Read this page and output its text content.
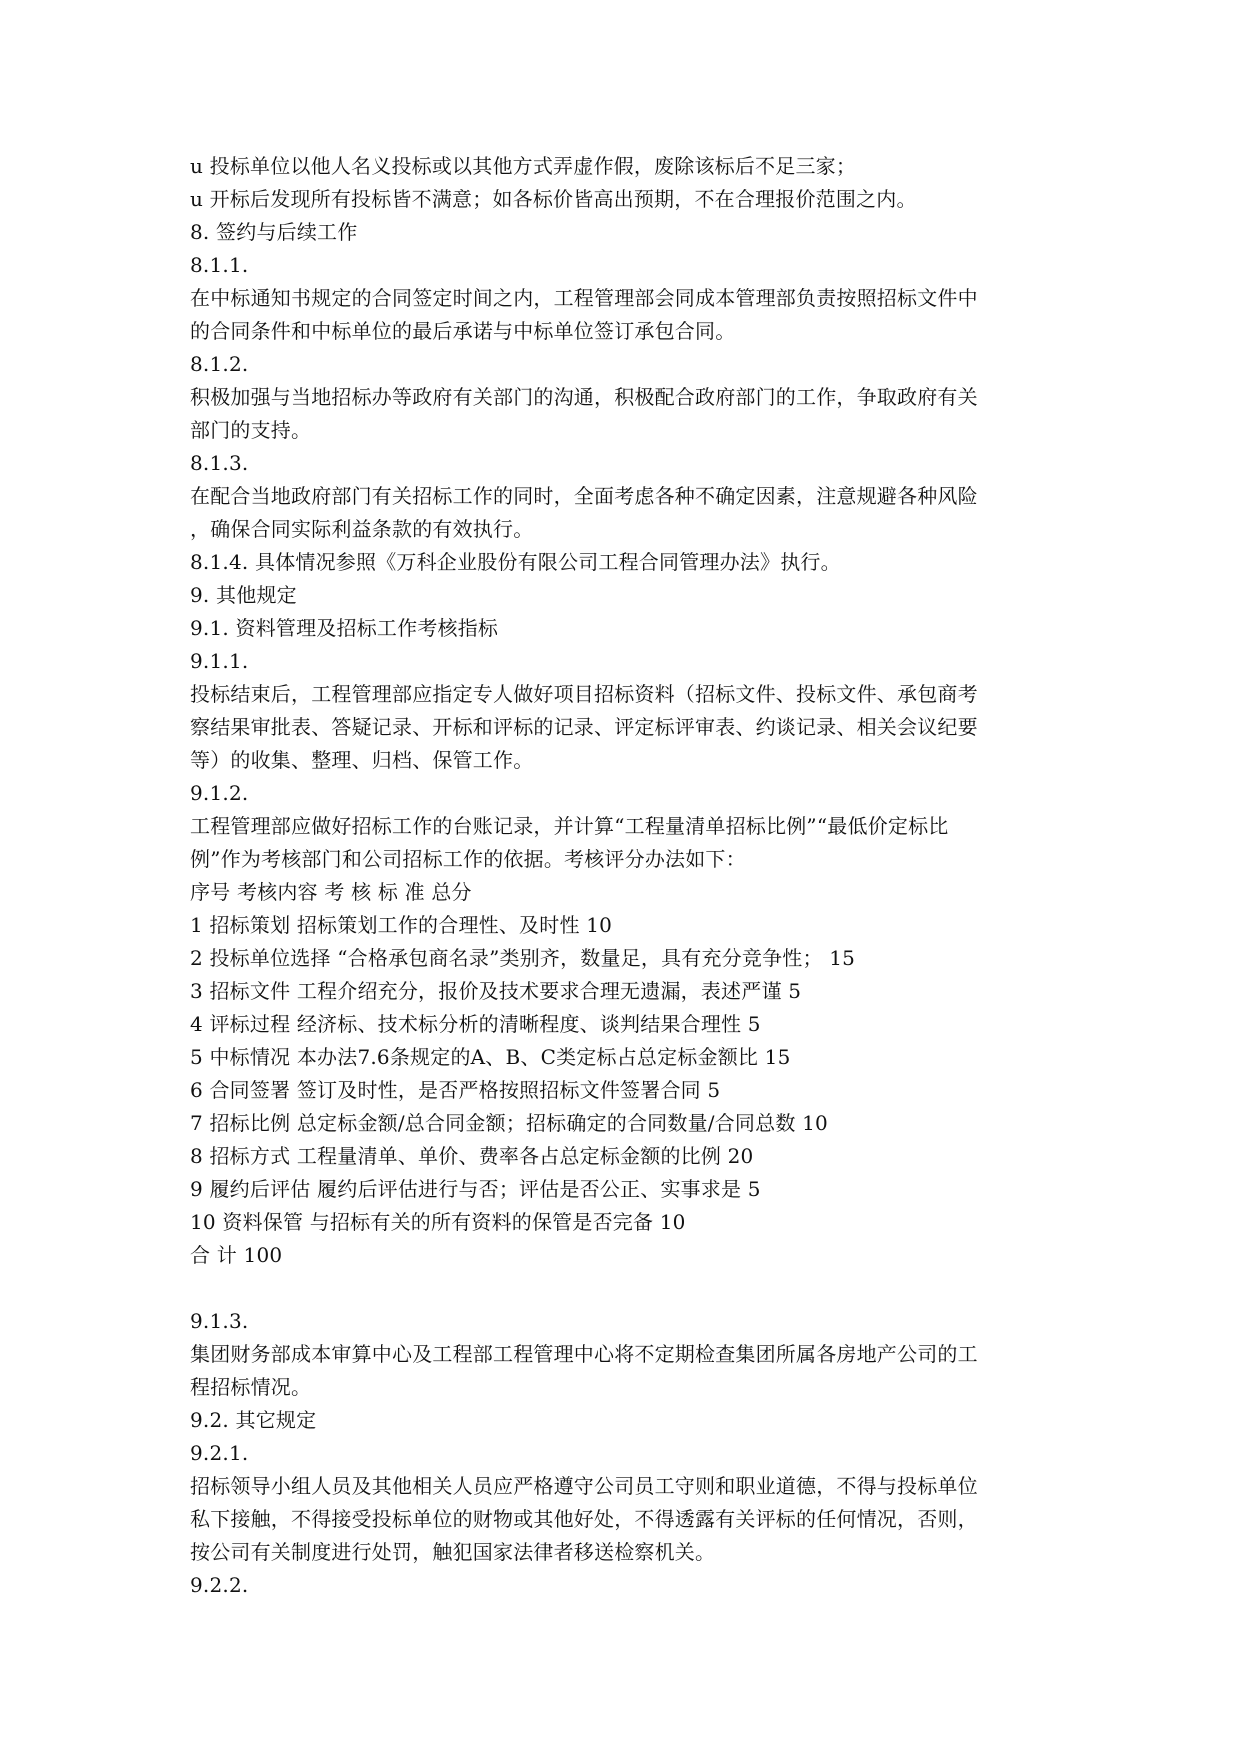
u 投标单位以他人名义投标或以其他方式弄虚作假，废除该标后不足三家；
u 开标后发现所有投标皆不满意；如各标价皆高出预期，不在合理报价范围之内。
8. 签约与后续工作
8.1.1.
在中标通知书规定的合同签定时间之内，工程管理部会同成本管理部负责按照招标文件中
的合同条件和中标单位的最后承诺与中标单位签订承包合同。
8.1.2.
积极加强与当地招标办等政府有关部门的沟通，积极配合政府部门的工作，争取政府有关
部门的支持。
8.1.3.
在配合当地政府部门有关招标工作的同时，全面考虑各种不确定因素，注意规避各种风险
，确保合同实际利益条款的有效执行。
8.1.4. 具体情况参照《万科企业股份有限公司工程合同管理办法》执行。
9. 其他规定
9.1. 资料管理及招标工作考核指标
9.1.1.
投标结束后，工程管理部应指定专人做好项目招标资料（招标文件、投标文件、承包商考
察结果审批表、答疑记录、开标和评标的记录、评定标评审表、约谈记录、相关会议纪要
等）的收集、整理、归档、保管工作。
9.1.2.
工程管理部应做好招标工作的台账记录，并计算“工程量清单招标比例”“最低价定标比
例”作为考核部门和公司招标工作的依据。考核评分办法如下：
序号 考核内容 考 核 标 准 总分
1 招标策划 招标策划工作的合理性、及时性 10
2 投标单位选择 “合格承包商名录”类别齐，数量足，具有充分竞争性； 15
3 招标文件 工程介绍充分，报价及技术要求合理无遗漏，表述严谨 5
4 评标过程 经济标、技术标分析的清晰程度、谈判结果合理性 5
5 中标情况 本办法7.6条规定的A、B、C类定标占总定标金额比 15
6 合同签署 签订及时性，是否严格按照招标文件签署合同 5
7 招标比例 总定标金额/总合同金额；招标确定的合同数量/合同总数 10
8 招标方式 工程量清单、单价、费率各占总定标金额的比例 20
9 履约后评估 履约后评估进行与否；评估是否公正、实事求是 5
10 资料保管 与招标有关的所有资料的保管是否完备 10
合 计 100
9.1.3.
集团财务部成本审算中心及工程部工程管理中心将不定期检查集团所属各房地产公司的工
程招标情况。
9.2. 其它规定
9.2.1.
招标领导小组人员及其他相关人员应严格遵守公司员工守则和职业道德，不得与投标单位
私下接触，不得接受投标单位的财物或其他好处，不得透露有关评标的任何情况，否则，
按公司有关制度进行处罚，触犯国家法律者移送检察机关。
9.2.2.
